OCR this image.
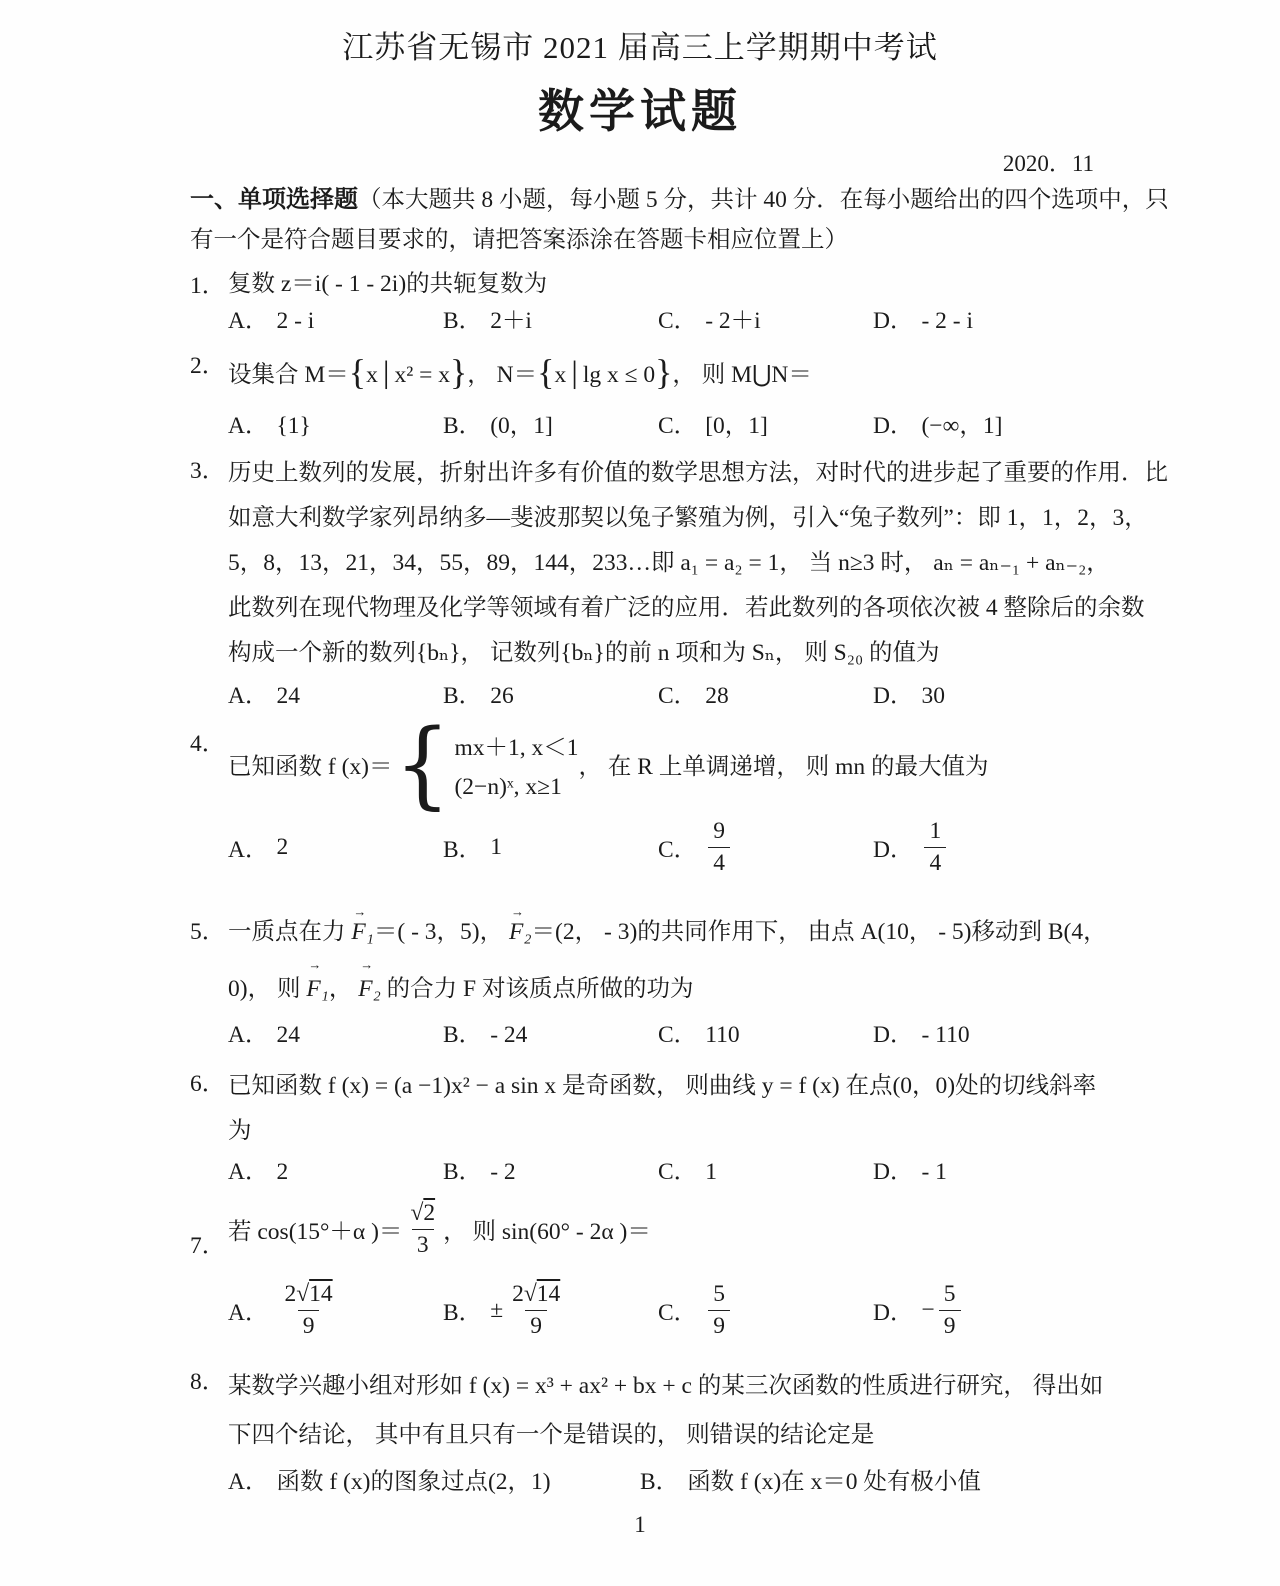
江苏省无锡市 2021 届高三上学期期中考试
数学试题
2020．11
一、单项选择题（本大题共 8 小题，每小题 5 分，共计 40 分．在每小题给出的四个选项中，只有一个是符合题目要求的，请把答案添涂在答题卡相应位置上）
1． 复数 z＝i( - 1 - 2i)的共轭复数为
A． 2 - i	B． 2＋i	C． - 2＋i	D． - 2 - i
2． 设集合 M＝{x│x² = x}， N＝{x│lg x ≤ 0}， 则 M⋃N＝
A． {1}	B． (0，1]	C． [0，1]	D． (−∞，1]
3． 历史上数列的发展，折射出许多有价值的数学思想方法，对时代的进步起了重要的作用．比
如意大利数学家列昂纳多—斐波那契以兔子繁殖为例，引入“兔子数列”：即 1，1，2，3，
5，8，13，21，34，55，89，144，233…即 a₁ = a₂ = 1， 当 n≥3 时， aₙ = aₙ₋₁ + aₙ₋₂，
此数列在现代物理及化学等领域有着广泛的应用．若此数列的各项依次被 4 整除后的余数
构成一个新的数列{bₙ}， 记数列{bₙ}的前 n 项和为 Sₙ， 则 S₂₀ 的值为
A． 24	B． 26	C． 28	D． 30
4．
已知函数 f (x)＝ { mx＋1, x＜1
(2−n)ˣ, x≥1
， 在 R 上单调递增， 则 mn 的最大值为
A． 2	B． 1	C． $\frac{9}{4}$	D． $\frac{1}{4}$
5． 一质点在力
→
F₁＝( - 3，5)，
→
F₂＝(2， - 3)的共同作用下， 由点 A(10， - 5)移动到 B(4，
0)， 则
→
F₁，
→
F₂ 的合力 F 对该质点所做的功为
A． 24	B． - 24	C． 110	D． - 110
6． 已知函数 f (x) = (a −1)x² − a sin x 是奇函数， 则曲线 y = f (x) 在点(0，0)处的切线斜率
为
A． 2	B． - 2	C． 1	D． - 1
7．
若 cos(15°＋α )＝ $\frac{√2}{3}$ ， 则 sin(60° - 2α )＝
A． $\frac{2√14}{9}$	B． ± $\frac{2√14}{9}$	C． $\frac{5}{9}$	D． − $\frac{5}{9}$
8． 某数学兴趣小组对形如 f (x) = x³ + ax² + bx + c 的某三次函数的性质进行研究， 得出如
下四个结论， 其中有且只有一个是错误的， 则错误的结论定是
A． 函数 f (x)的图象过点(2，1)	B． 函数 f (x)在 x＝0 处有极小值
1
